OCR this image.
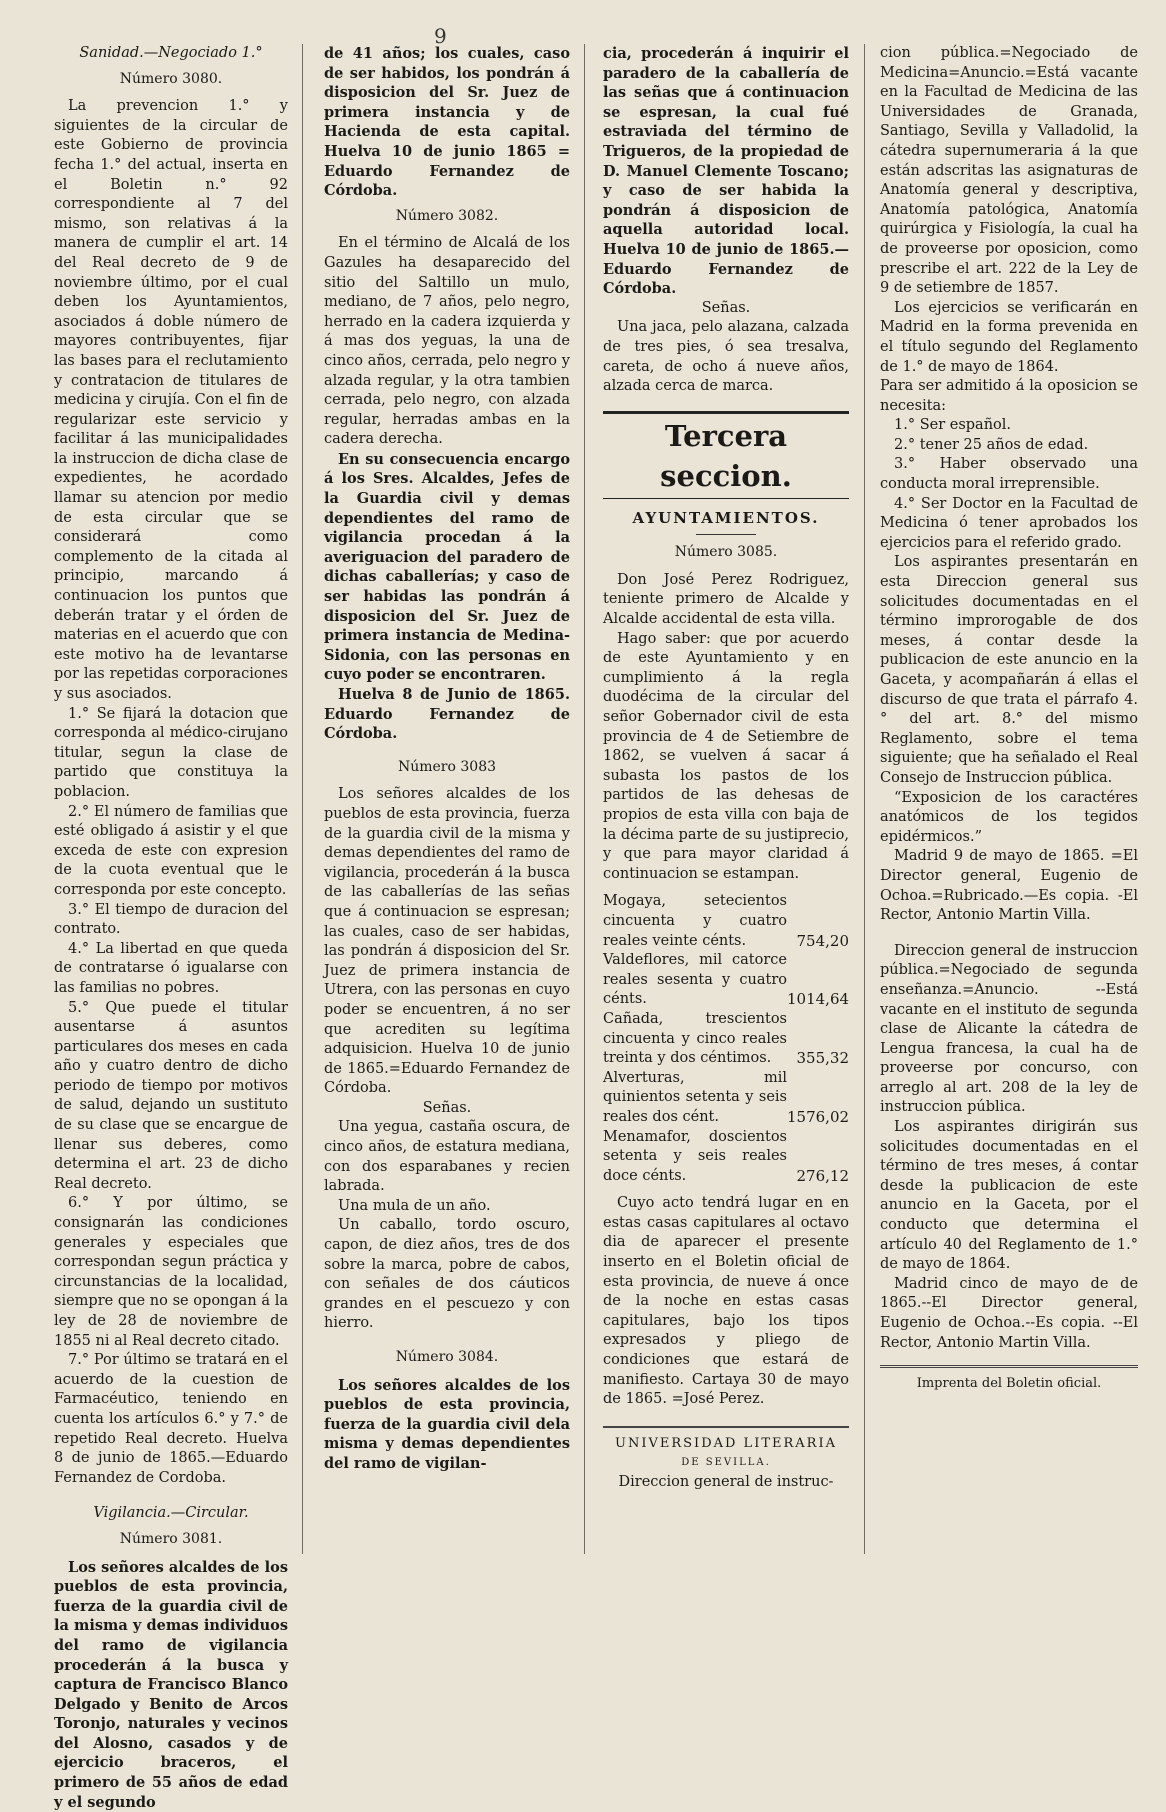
9

Sanidad.—Negociado 1.°

Número 3080.

La prevencion 1.° y siguientes de la circular de este Gobierno de provincia fecha 1.° del actual, inserta en el Boletin n.° 92 correspondiente al 7 del mismo, son relativas á la manera de cumplir el art. 14 del Real decreto de 9 de noviembre último, por el cual deben los Ayuntamientos, asociados á doble número de mayores contribuyentes, fijar las bases para el reclutamiento y contratacion de titulares de medicina y cirujía. Con el fin de regularizar este servicio y facilitar á las municipalidades la instruccion de dicha clase de expedientes, he acordado llamar su atencion por medio de esta circular que se considerará como complemento de la citada al principio, marcando á continuacion los puntos que deberán tratar y el órden de materias en el acuerdo que con este motivo ha de levantarse por las repetidas corporaciones y sus asociados.

1.° Se fijará la dotacion que corresponda al médico-cirujano titular, segun la clase de partido que constituya la poblacion.

2.° El número de familias que esté obligado á asistir y el que exceda de este con expresion de la cuota eventual que le corresponda por este concepto.

3.° El tiempo de duracion del contrato.

4.° La libertad en que queda de contratarse ó igualarse con las familias no pobres.

5.° Que puede el titular ausentarse á asuntos particulares dos meses en cada año y cuatro dentro de dicho periodo de tiempo por motivos de salud, dejando un sustituto de su clase que se encargue de llenar sus deberes, como determina el art. 23 de dicho Real decreto.

6.° Y por último, se consignarán las condiciones generales y especiales que correspondan segun práctica y circunstancias de la localidad, siempre que no se opongan á la ley de 28 de noviembre de 1855 ni al Real decreto citado.

7.° Por último se tratará en el acuerdo de la cuestion de Farmacéutico, teniendo en cuenta los artículos 6.° y 7.° de repetido Real decreto. Huelva 8 de junio de 1865.—Eduardo Fernandez de Cordoba.

Vigilancia.—Circular.

Número 3081.

Los señores alcaldes de los pueblos de esta provincia, fuerza de la guardia civil de la misma y demas individuos del ramo de vigilancia procederán á la busca y captura de Francisco Blanco Delgado y Benito de Arcos Toronjo, naturales y vecinos del Alosno, casados y de ejercicio braceros, el primero de 55 años de edad y el segundo

de 41 años; los cuales, caso de ser habidos, los pondrán á disposicion del Sr. Juez de primera instancia y de Hacienda de esta capital. Huelva 10 de junio 1865 = Eduardo Fernandez de Córdoba.

Número 3082.

En el término de Alcalá de los Gazules ha desaparecido del sitio del Saltillo un mulo, mediano, de 7 años, pelo negro, herrado en la cadera izquierda y á mas dos yeguas, la una de cinco años, cerrada, pelo negro y alzada regular, y la otra tambien cerrada, pelo negro, con alzada regular, herradas ambas en la cadera derecha.

En su consecuencia encargo á los Sres. Alcaldes, Jefes de la Guardia civil y demas dependientes del ramo de vigilancia procedan á la averiguacion del paradero de dichas caballerías; y caso de ser habidas las pondrán á disposicion del Sr. Juez de primera instancia de Medina-Sidonia, con las personas en cuyo poder se encontraren.

Huelva 8 de Junio de 1865. Eduardo Fernandez de Córdoba.

Número 3083

Los señores alcaldes de los pueblos de esta provincia, fuerza de la guardia civil de la misma y demas dependientes del ramo de vigilancia, procederán á la busca de las caballerías de las señas que á continuacion se espresan; las cuales, caso de ser habidas, las pondrán á disposicion del Sr. Juez de primera instancia de Utrera, con las personas en cuyo poder se encuentren, á no ser que acrediten su legítima adquisicion. Huelva 10 de junio de 1865.=Eduardo Fernandez de Córdoba.

Señas.

Una yegua, castaña oscura, de cinco años, de estatura mediana, con dos esparabanes y recien labrada.

Una mula de un año.

Un caballo, tordo oscuro, capon, de diez años, tres de dos sobre la marca, pobre de cabos, con señales de dos cáuticos grandes en el pescuezo y con hierro.

Número 3084.

Los señores alcaldes de los pueblos de esta provincia, fuerza de la guardia civil dela misma y demas dependientes del ramo de vigilan-

cia, procederán á inquirir el paradero de la caballería de las señas que á continuacion se espresan, la cual fué estraviada del término de Trigueros, de la propiedad de D. Manuel Clemente Toscano; y caso de ser habida la pondrán á disposicion de aquella autoridad local. Huelva 10 de junio de 1865.—Eduardo Fernandez de Córdoba.

Señas.

Una jaca, pelo alazana, calzada de tres pies, ó sea tresalva, careta, de ocho á nueve años, alzada cerca de marca.

Tercera seccion.

AYUNTAMIENTOS.

Número 3085.

Don José Perez Rodriguez, teniente primero de Alcalde y Alcalde accidental de esta villa.

Hago saber: que por acuerdo de este Ayuntamiento y en cumplimiento á la regla duodécima de la circular del señor Gobernador civil de esta provincia de 4 de Setiembre de 1862, se vuelven á sacar á subasta los pastos de los partidos de las dehesas de propios de esta villa con baja de la décima parte de su justiprecio, y que para mayor claridad á continuacion se estampan.

Mogaya, setecientos cincuenta y cuatro reales veinte cénts.	754,20

Valdeflores, mil catorce reales sesenta y cuatro cénts.	1014,64

Cañada, trescientos cincuenta y cinco reales treinta y dos céntimos.	355,32

Alverturas, mil quinientos setenta y seis reales dos cént.	1576,02

Menamafor, doscientos setenta y seis reales doce cénts.	276,12

Cuyo acto tendrá lugar en en estas casas capitulares al octavo dia de aparecer el presente inserto en el Boletin oficial de esta provincia, de nueve á once de la noche en estas casas capitulares, bajo los tipos expresados y pliego de condiciones que estará de manifiesto. Cartaya 30 de mayo de 1865. =José Perez.

UNIVERSIDAD LITERARIA

DE SEVILLA.

Direccion general de instruc-

cion pública.=Negociado de Medicina=Anuncio.=Está vacante en la Facultad de Medicina de las Universidades de Granada, Santiago, Sevilla y Valladolid, la cátedra supernumeraria á la que están adscritas las asignaturas de Anatomía general y descriptiva, Anatomía patológica, Anatomía quirúrgica y Fisiología, la cual ha de proveerse por oposicion, como prescribe el art. 222 de la Ley de 9 de setiembre de 1857.

Los ejercicios se verificarán en Madrid en la forma prevenida en el título segundo del Reglamento de 1.° de mayo de 1864.

Para ser admitido á la oposicion se necesita:

1.° Ser español.

2.° tener 25 años de edad.

3.° Haber observado una conducta moral irreprensible.

4.° Ser Doctor en la Facultad de Medicina ó tener aprobados los ejercicios para el referido grado.

Los aspirantes presentarán en esta Direccion general sus solicitudes documentadas en el término improrogable de dos meses, á contar desde la publicacion de este anuncio en la Gaceta, y acompañarán á ellas el discurso de que trata el párrafo 4.° del art. 8.° del mismo Reglamento, sobre el tema siguiente; que ha señalado el Real Consejo de Instruccion pública.

“Exposicion de los caractéres anatómicos de los tegidos epidérmicos.”

Madrid 9 de mayo de 1865. =El Director general, Eugenio de Ochoa.=Rubricado.—Es copia. -El Rector, Antonio Martin Villa.

Direccion general de instruccion pública.=Negociado de segunda enseñanza.=Anuncio. --Está vacante en el instituto de segunda clase de Alicante la cátedra de Lengua francesa, la cual ha de proveerse por concurso, con arreglo al art. 208 de la ley de instruccion pública.

Los aspirantes dirigirán sus solicitudes documentadas en el término de tres meses, á contar desde la publicacion de este anuncio en la Gaceta, por el conducto que determina el artículo 40 del Reglamento de 1.° de mayo de 1864.

Madrid cinco de mayo de de 1865.--El Director general, Eugenio de Ochoa.--Es copia. --El Rector, Antonio Martin Villa.

Imprenta del Boletin oficial.
